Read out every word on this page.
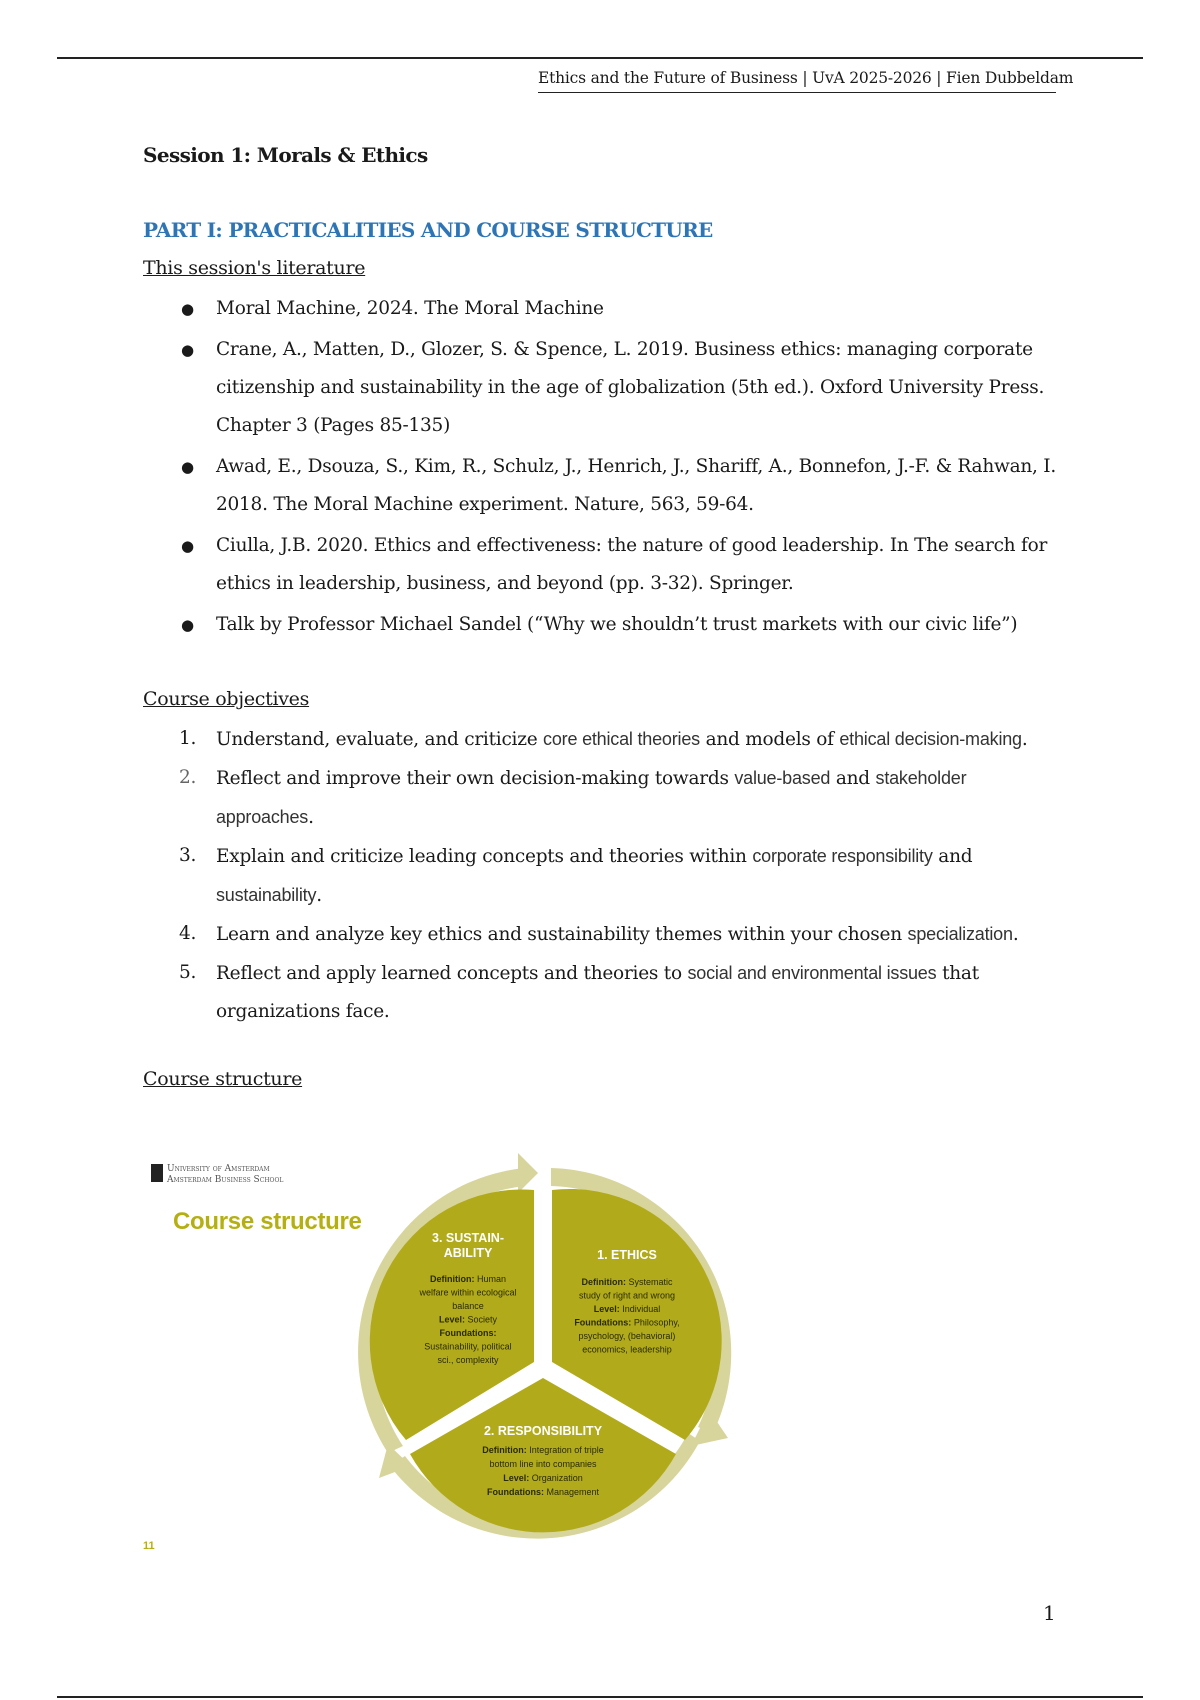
Ethics and the Future of Business | UvA 2025-2026 | Fien Dubbeldam
Session 1: Morals & Ethics
PART I: PRACTICALITIES AND COURSE STRUCTURE
This session's literature
● Moral Machine, 2024. The Moral Machine
● Crane, A., Matten, D., Glozer, S. & Spence, L. 2019. Business ethics: managing corporate citizenship and sustainability in the age of globalization (5th ed.). Oxford University Press. Chapter 3 (Pages 85-135)
● Awad, E., Dsouza, S., Kim, R., Schulz, J., Henrich, J., Shariff, A., Bonnefon, J.-F. & Rahwan, I. 2018. The Moral Machine experiment. Nature, 563, 59-64.
● Ciulla, J.B. 2020. Ethics and effectiveness: the nature of good leadership. In The search for ethics in leadership, business, and beyond (pp. 3-32). Springer.
● Talk by Professor Michael Sandel (“Why we shouldn’t trust markets with our civic life”)
Course objectives
1. Understand, evaluate, and criticize core ethical theories and models of ethical decision-making.
2. Reflect and improve their own decision-making towards value-based and stakeholder approaches.
3. Explain and criticize leading concepts and theories within corporate responsibility and sustainability.
4. Learn and analyze key ethics and sustainability themes within your chosen specialization.
5. Reflect and apply learned concepts and theories to social and environmental issues that organizations face.
Course structure
University of Amsterdam
Amsterdam Business School
Course structure
3. SUSTAIN-
ABILITY
Definition: Human
welfare within ecological
balance
Level: Society
Foundations:
Sustainability, political
sci., complexity
1. ETHICS
Definition: Systematic
study of right and wrong
Level: Individual
Foundations: Philosophy,
psychology, (behavioral)
economics, leadership
2. RESPONSIBILITY
Definition: Integration of triple
bottom line into companies
Level: Organization
Foundations: Management
11
1
